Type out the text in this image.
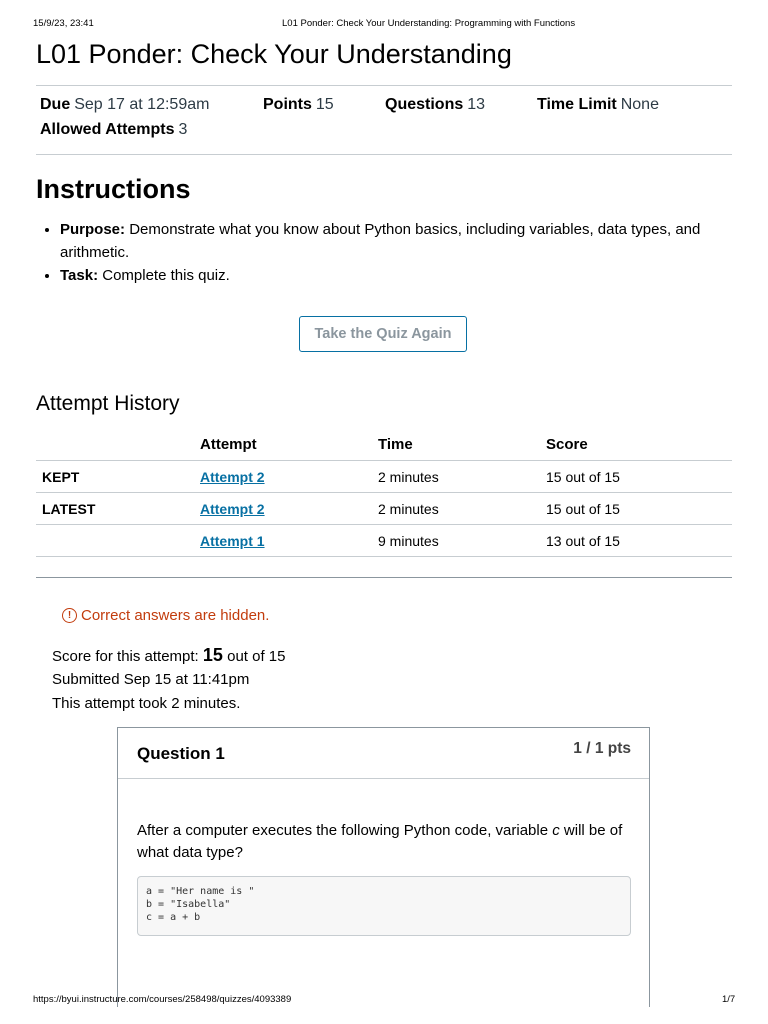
15/9/23, 23:41	L01 Ponder: Check Your Understanding: Programming with Functions
L01 Ponder: Check Your Understanding
Due Sep 17 at 12:59am	Points 15	Questions 13	Time Limit None
Allowed Attempts 3
Instructions
• Purpose: Demonstrate what you know about Python basics, including variables, data types, and arithmetic.
• Task: Complete this quiz.
Take the Quiz Again
Attempt History
	Attempt	Time	Score
KEPT	Attempt 2	2 minutes	15 out of 15
LATEST	Attempt 2	2 minutes	15 out of 15
	Attempt 1	9 minutes	13 out of 15
! Correct answers are hidden.
Score for this attempt: 15 out of 15
Submitted Sep 15 at 11:41pm
This attempt took 2 minutes.
Question 1	1 / 1 pts
After a computer executes the following Python code, variable c will be of what data type?
a = "Her name is "
b = "Isabella"
c = a + b
https://byui.instructure.com/courses/258498/quizzes/4093389	1/7
